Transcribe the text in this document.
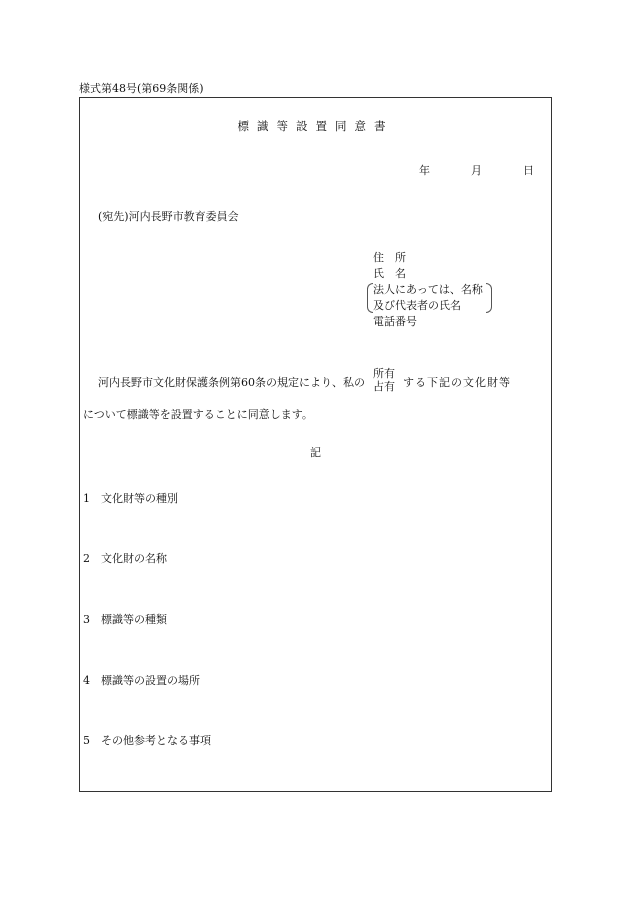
様式第48号(第69条関係)
標識等設置同意書
年	月	日
(宛先)河内長野市教育委員会
住所
氏名
法人にあっては、名称
及び代表者の氏名
電話番号
河内長野市文化財保護条例第60条の規定により、私の
所有
占有 する下記の文化財等
について標識等を設置することに同意します。
記
1 文化財等の種別
2 文化財の名称
3 標識等の種類
4 標識等の設置の場所
5 その他参考となる事項
